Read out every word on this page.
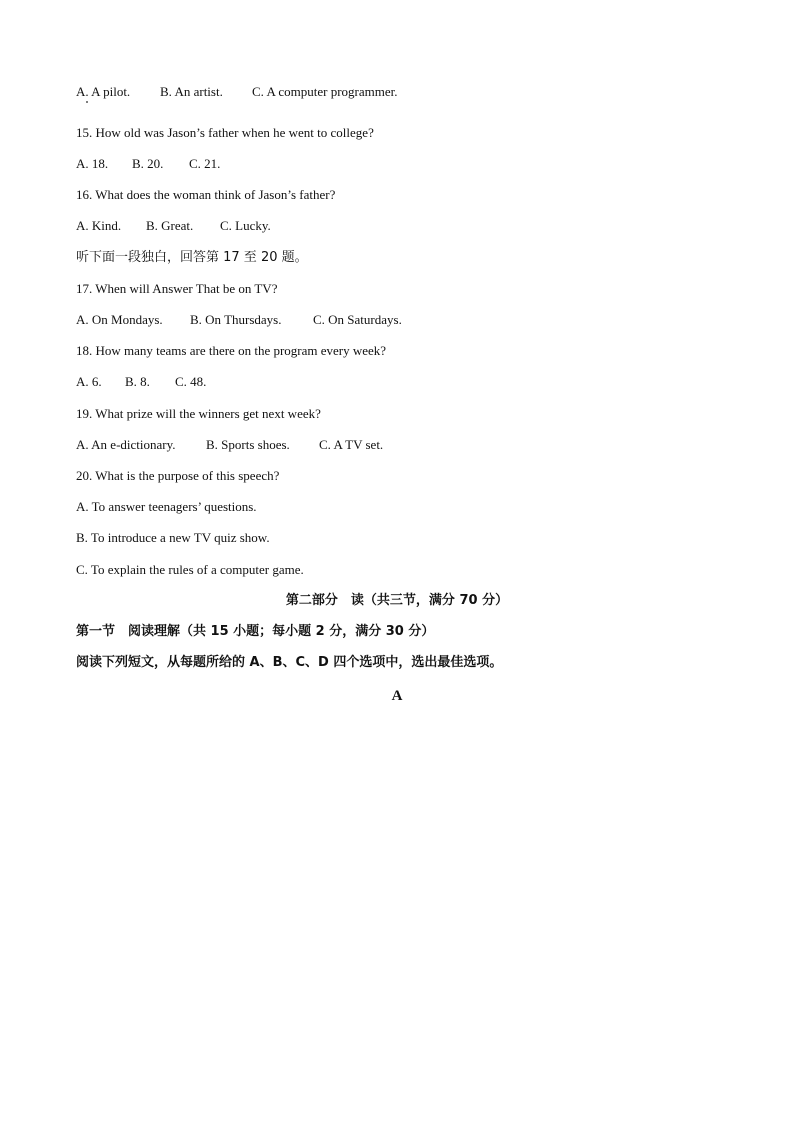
A. A pilot. B. An artist. C. A computer programmer.
15. How old was Jason’s father when he went to college?
A. 18. B. 20. C. 21.
16. What does the woman think of Jason’s father?
A. Kind. B. Great. C. Lucky.
听下面一段独白，回答第 17 至 20 题。
17. When will Answer That be on TV?
A. On Mondays. B. On Thursdays. C. On Saturdays.
18. How many teams are there on the program every week?
A. 6. B. 8. C. 48.
19. What prize will the winners get next week?
A. An e-dictionary. B. Sports shoes. C. A TV set.
20. What is the purpose of this speech?
A. To answer teenagers’ questions.
B. To introduce a new TV quiz show.
C. To explain the rules of a computer game.
第二部分　读（共三节，满分 70 分）
第一节　阅读理解（共 15 小题；每小题 2 分，满分 30 分）
阅读下列短文，从每题所给的 A、B、C、D 四个选项中，选出最佳选项。
A
